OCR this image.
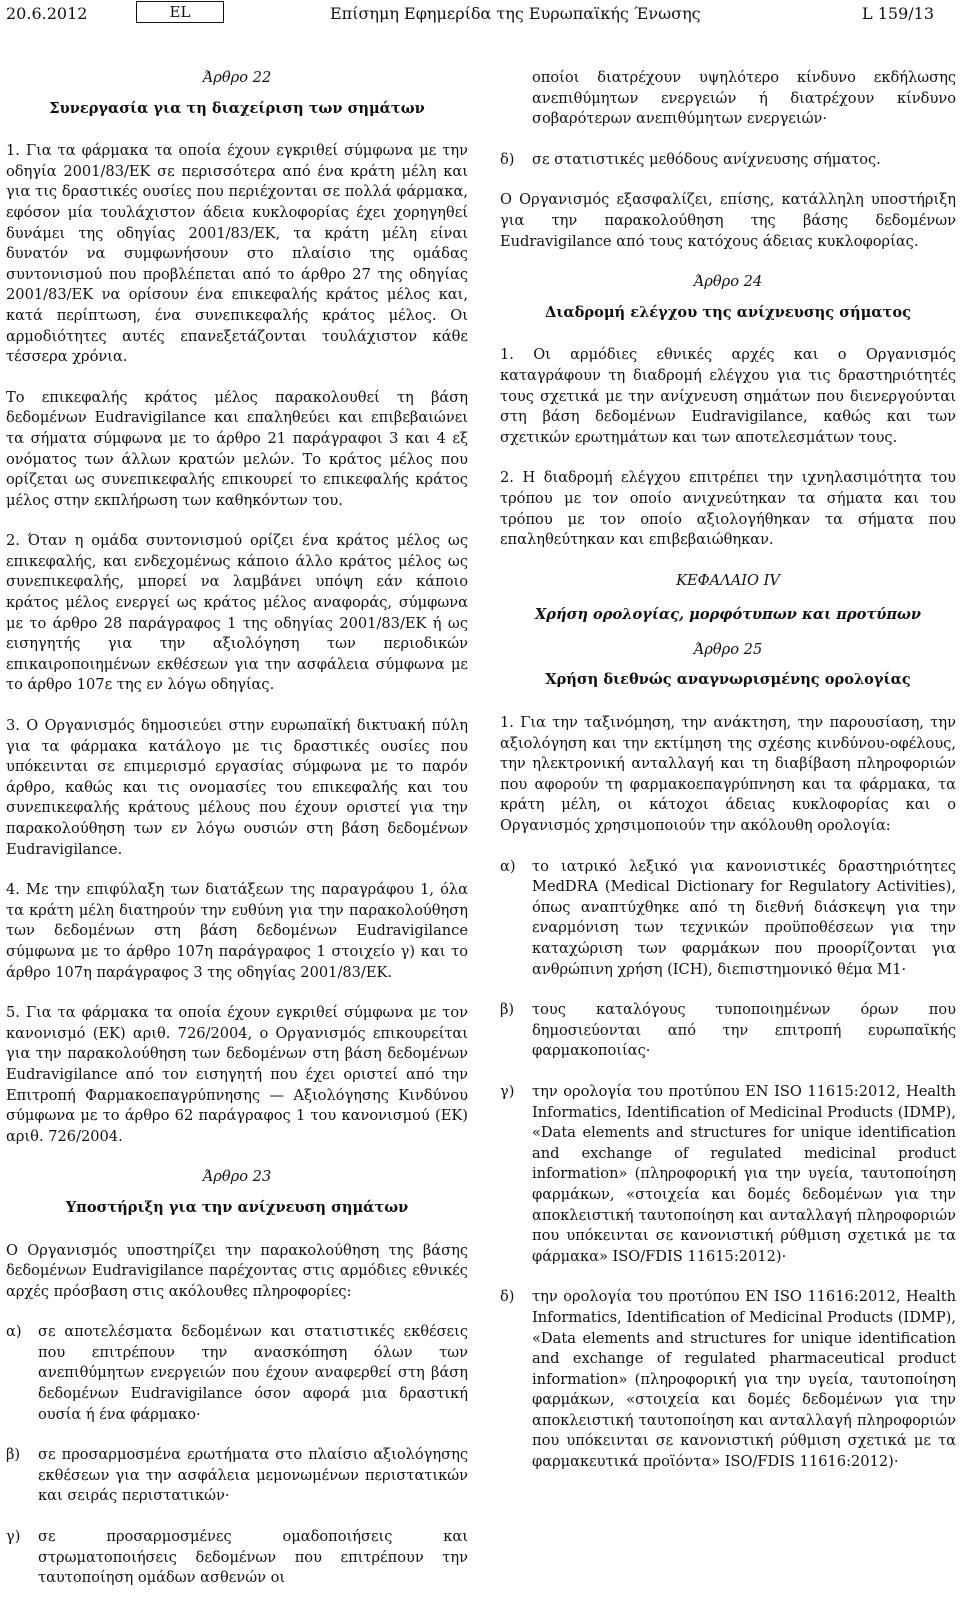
20.6.2012	EL	Επίσημη Εφημερίδα της Ευρωπαϊκής Ένωσης	L 159/13

Άρθρο 22

Συνεργασία για τη διαχείριση των σημάτων

1. Για τα φάρμακα τα οποία έχουν εγκριθεί σύμφωνα με την οδηγία 2001/83/ΕΚ σε περισσότερα από ένα κράτη μέλη και για τις δραστικές ουσίες που περιέχονται σε πολλά φάρμακα, εφόσον μία τουλάχιστον άδεια κυκλοφορίας έχει χορηγηθεί δυνάμει της οδηγίας 2001/83/ΕΚ, τα κράτη μέλη είναι δυνατόν να συμφωνήσουν στο πλαίσιο της ομάδας συντονισμού που προβλέπεται από το άρθρο 27 της οδηγίας 2001/83/ΕΚ να ορίσουν ένα επικεφαλής κράτος μέλος και, κατά περίπτωση, ένα συνεπικεφαλής κράτος μέλος. Οι αρμοδιότητες αυτές επανεξετάζονται τουλάχιστον κάθε τέσσερα χρόνια.

Το επικεφαλής κράτος μέλος παρακολουθεί τη βάση δεδομένων Eudravigilance και επαληθεύει και επιβεβαιώνει τα σήματα σύμφωνα με το άρθρο 21 παράγραφοι 3 και 4 εξ ονόματος των άλλων κρατών μελών. Το κράτος μέλος που ορίζεται ως συνεπικεφαλής επικουρεί το επικεφαλής κράτος μέλος στην εκπλήρωση των καθηκόντων του.

2. Όταν η ομάδα συντονισμού ορίζει ένα κράτος μέλος ως επικεφαλής, και ενδεχομένως κάποιο άλλο κράτος μέλος ως συνεπικεφαλής, μπορεί να λαμβάνει υπόψη εάν κάποιο κράτος μέλος ενεργεί ως κράτος μέλος αναφοράς, σύμφωνα με το άρθρο 28 παράγραφος 1 της οδηγίας 2001/83/ΕΚ ή ως εισηγητής για την αξιολόγηση των περιοδικών επικαιροποιημένων εκθέσεων για την ασφάλεια σύμφωνα με το άρθρο 107ε της εν λόγω οδηγίας.

3. Ο Οργανισμός δημοσιεύει στην ευρωπαϊκή δικτυακή πύλη για τα φάρμακα κατάλογο με τις δραστικές ουσίες που υπόκεινται σε επιμερισμό εργασίας σύμφωνα με το παρόν άρθρο, καθώς και τις ονομασίες του επικεφαλής και του συνεπικεφαλής κράτους μέλους που έχουν οριστεί για την παρακολούθηση των εν λόγω ουσιών στη βάση δεδομένων Eudravigilance.

4. Με την επιφύλαξη των διατάξεων της παραγράφου 1, όλα τα κράτη μέλη διατηρούν την ευθύνη για την παρακολούθηση των δεδομένων στη βάση δεδομένων Eudravigilance σύμφωνα με το άρθρο 107η παράγραφος 1 στοιχείο γ) και το άρθρο 107η παράγραφος 3 της οδηγίας 2001/83/ΕΚ.

5. Για τα φάρμακα τα οποία έχουν εγκριθεί σύμφωνα με τον κανονισμό (ΕΚ) αριθ. 726/2004, ο Οργανισμός επικουρείται για την παρακολούθηση των δεδομένων στη βάση δεδομένων Eudravigilance από τον εισηγητή που έχει οριστεί από την Επιτροπή Φαρμακοεπαγρύπνησης — Αξιολόγησης Κινδύνου σύμφωνα με το άρθρο 62 παράγραφος 1 του κανονισμού (ΕΚ) αριθ. 726/2004.

Άρθρο 23

Υποστήριξη για την ανίχνευση σημάτων

Ο Οργανισμός υποστηρίζει την παρακολούθηση της βάσης δεδομένων Eudravigilance παρέχοντας στις αρμόδιες εθνικές αρχές πρόσβαση στις ακόλουθες πληροφορίες:

α)	σε αποτελέσματα δεδομένων και στατιστικές εκθέσεις που επιτρέπουν την ανασκόπηση όλων των ανεπιθύμητων ενεργειών που έχουν αναφερθεί στη βάση δεδομένων Eudravigilance όσον αφορά μια δραστική ουσία ή ένα φάρμακο·
β)	σε προσαρμοσμένα ερωτήματα στο πλαίσιο αξιολόγησης εκθέσεων για την ασφάλεια μεμονωμένων περιστατικών και σειράς περιστατικών·
γ)	σε προσαρμοσμένες ομαδοποιήσεις και στρωματοποιήσεις δεδομένων που επιτρέπουν την ταυτοποίηση ομάδων ασθενών οι
οποίοι διατρέχουν υψηλότερο κίνδυνο εκδήλωσης ανεπιθύμητων ενεργειών ή διατρέχουν κίνδυνο σοβαρότερων ανεπιθύμητων ενεργειών·
δ)	σε στατιστικές μεθόδους ανίχνευσης σήματος.

Ο Οργανισμός εξασφαλίζει, επίσης, κατάλληλη υποστήριξη για την παρακολούθηση της βάσης δεδομένων Eudravigilance από τους κατόχους άδειας κυκλοφορίας.

Άρθρο 24

Διαδρομή ελέγχου της ανίχνευσης σήματος

1. Οι αρμόδιες εθνικές αρχές και ο Οργανισμός καταγράφουν τη διαδρομή ελέγχου για τις δραστηριότητές τους σχετικά με την ανίχνευση σημάτων που διενεργούνται στη βάση δεδομένων Eudravigilance, καθώς και των σχετικών ερωτημάτων και των αποτελεσμάτων τους.

2. Η διαδρομή ελέγχου επιτρέπει την ιχνηλασιμότητα του τρόπου με τον οποίο ανιχνεύτηκαν τα σήματα και του τρόπου με τον οποίο αξιολογήθηκαν τα σήματα που επαληθεύτηκαν και επιβεβαιώθηκαν.

ΚΕΦΑΛΑΙΟ IV

Χρήση ορολογίας, μορφότυπων και προτύπων

Άρθρο 25

Χρήση διεθνώς αναγνωρισμένης ορολογίας

1. Για την ταξινόμηση, την ανάκτηση, την παρουσίαση, την αξιολόγηση και την εκτίμηση της σχέσης κινδύνου-οφέλους, την ηλεκτρονική ανταλλαγή και τη διαβίβαση πληροφοριών που αφορούν τη φαρμακοεπαγρύπνηση και τα φάρμακα, τα κράτη μέλη, οι κάτοχοι άδειας κυκλοφορίας και ο Οργανισμός χρησιμοποιούν την ακόλουθη ορολογία:

α)	το ιατρικό λεξικό για κανονιστικές δραστηριότητες MedDRA (Medical Dictionary for Regulatory Activities), όπως αναπτύχθηκε από τη διεθνή διάσκεψη για την εναρμόνιση των τεχνικών προϋποθέσεων για την καταχώριση των φαρμάκων που προορίζονται για ανθρώπινη χρήση (ICH), διεπιστημονικό θέμα M1·
β)	τους καταλόγους τυποποιημένων όρων που δημοσιεύονται από την επιτροπή ευρωπαϊκής φαρμακοποιίας·
γ)	την ορολογία του προτύπου EN ISO 11615:2012, Health Informatics, Identification of Medicinal Products (IDMP), «Data elements and structures for unique identification and exchange of regulated medicinal product information» (πληροφορική για την υγεία, ταυτοποίηση φαρμάκων, «στοιχεία και δομές δεδομένων για την αποκλειστική ταυτοποίηση και ανταλλαγή πληροφοριών που υπόκεινται σε κανονιστική ρύθμιση σχετικά με τα φάρμακα» ISO/FDIS 11615:2012)·
δ)	την ορολογία του προτύπου EN ISO 11616:2012, Health Informatics, Identification of Medicinal Products (IDMP), «Data elements and structures for unique identification and exchange of regulated pharmaceutical product information» (πληροφορική για την υγεία, ταυτοποίηση φαρμάκων, «στοιχεία και δομές δεδομένων για την αποκλειστική ταυτοποίηση και ανταλλαγή πληροφοριών που υπόκεινται σε κανονιστική ρύθμιση σχετικά με τα φαρμακευτικά προϊόντα» ISO/FDIS 11616:2012)·
